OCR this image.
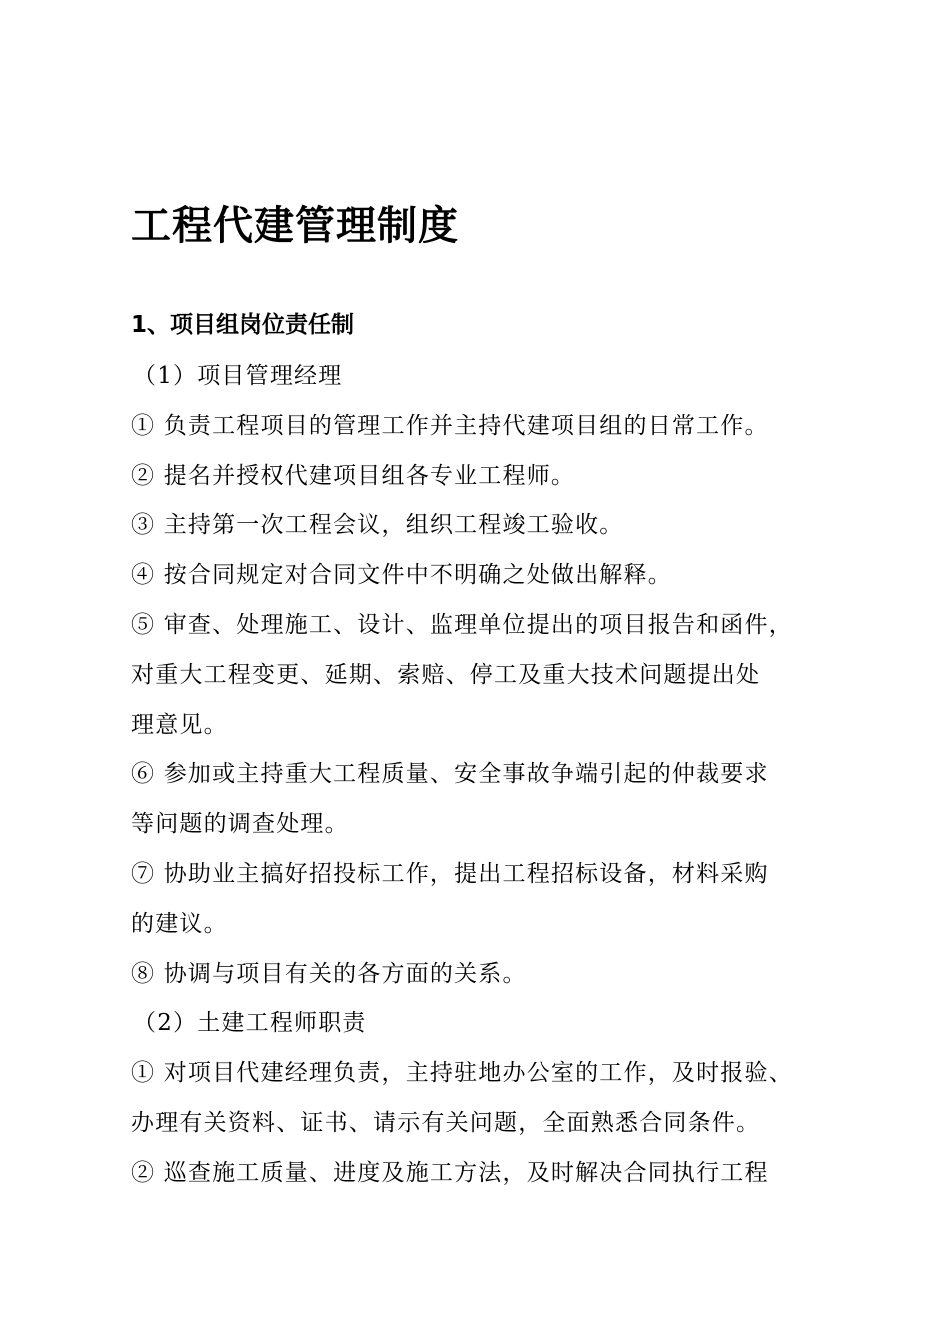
工程代建管理制度
1、项目组岗位责任制
（1）项目管理经理
① 负责工程项目的管理工作并主持代建项目组的日常工作。
② 提名并授权代建项目组各专业工程师。
③ 主持第一次工程会议，组织工程竣工验收。
④ 按合同规定对合同文件中不明确之处做出解释。
⑤ 审查、处理施工、设计、监理单位提出的项目报告和函件，
对重大工程变更、延期、索赔、停工及重大技术问题提出处
理意见。
⑥ 参加或主持重大工程质量、安全事故争端引起的仲裁要求
等问题的调查处理。
⑦ 协助业主搞好招投标工作，提出工程招标设备，材料采购
的建议。
⑧ 协调与项目有关的各方面的关系。
（2）土建工程师职责
① 对项目代建经理负责，主持驻地办公室的工作，及时报验、
办理有关资料、证书、请示有关问题，全面熟悉合同条件。
② 巡查施工质量、进度及施工方法，及时解决合同执行工程
